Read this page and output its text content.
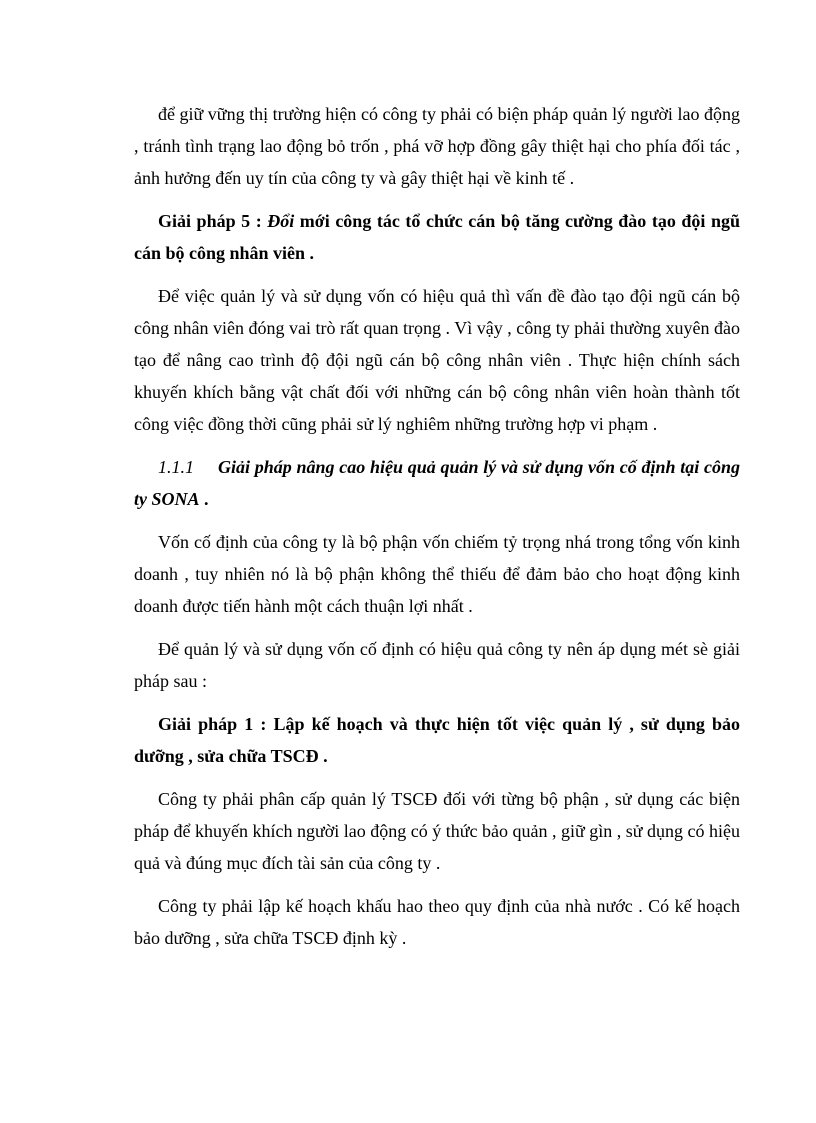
để giữ vững thị trường hiện có công ty phải có biện pháp quản lý người lao động , tránh tình trạng lao động bỏ trốn , phá vỡ hợp đồng gây thiệt hại cho phía đối tác , ảnh hưởng đến uy tín của công ty và gây thiệt hại về kinh tế .

Giải pháp 5 : Đổi mới công tác tổ chức cán bộ tăng cường đào tạo đội ngũ cán bộ công nhân viên .

Để việc quản lý và sử dụng vốn có hiệu quả thì vấn đề đào tạo đội ngũ cán bộ công nhân viên đóng vai trò rất quan trọng . Vì vậy , công ty phải thường xuyên đào tạo để nâng cao trình độ đội ngũ cán bộ công nhân viên . Thực hiện chính sách khuyến khích bằng vật chất đối với những cán bộ công nhân viên hoàn thành tốt công việc đồng thời cũng phải sử lý nghiêm những trường hợp vi phạm .

1.1.1 Giải pháp nâng cao hiệu quả quản lý và sử dụng vốn cố định tại công ty SONA .

Vốn cố định của công ty là bộ phận vốn chiếm tỷ trọng nhá trong tổng vốn kinh doanh , tuy nhiên nó là bộ phận không thể thiếu để đảm bảo cho hoạt động kinh doanh được tiến hành một cách thuận lợi nhất .

Để quản lý và sử dụng vốn cố định có hiệu quả công ty nên áp dụng mét sè giải pháp sau :

Giải pháp 1 : Lập kế hoạch và thực hiện tốt việc quản lý , sử dụng bảo dưỡng , sửa chữa TSCĐ .

Công ty phải phân cấp quản lý TSCĐ đối với từng bộ phận , sử dụng các biện pháp để khuyến khích người lao động có ý thức bảo quản , giữ gìn , sử dụng có hiệu quả và đúng mục đích tài sản của công ty .

Công ty phải lập kế hoạch khấu hao theo quy định của nhà nước . Có kế hoạch bảo dưỡng , sửa chữa TSCĐ định kỳ .
